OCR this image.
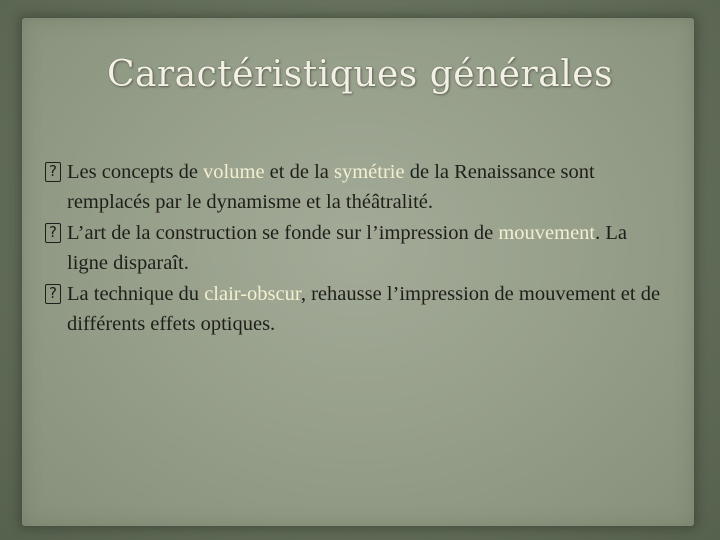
Caractéristiques générales
? Les concepts de volume et de la symétrie de la Renaissance sont remplacés par le dynamisme et la théâtralité.
? L’art de la construction se fonde sur l’impression de mouvement. La ligne disparaît.
? La technique du clair-obscur, rehausse l’impression de mouvement et de différents effets optiques.
